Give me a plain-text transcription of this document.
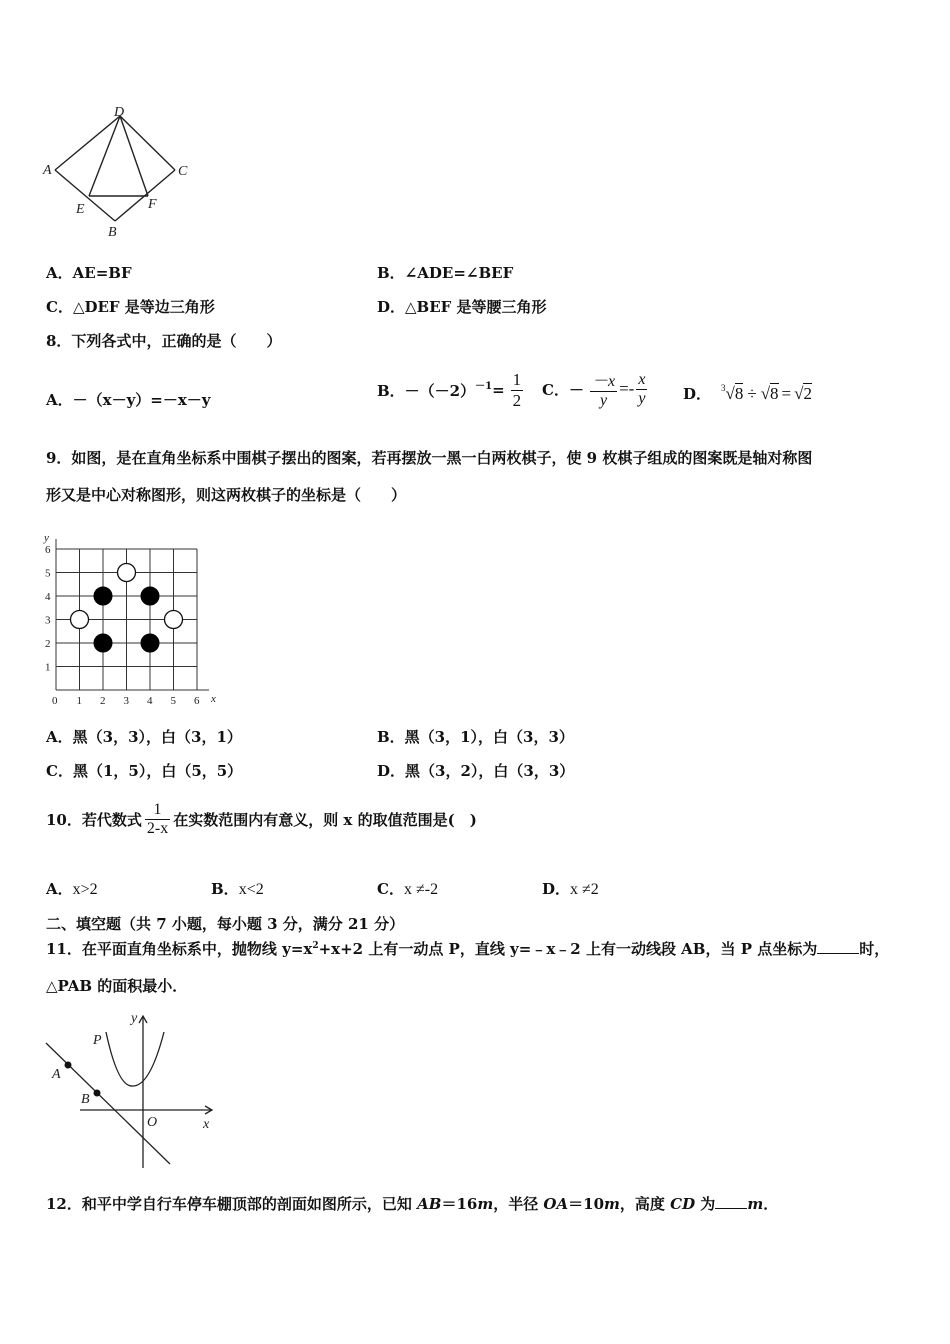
D
A	C
E	F
B
A．AE=BF	B．∠ADE=∠BEF
C．△DEF 是等边三角形	D．△BEF 是等腰三角形
8．下列各式中，正确的是（　　）
A．－（x－y）=－x－y
B．$-(-2)^{-1} = \frac{1}{2}$ C．－ $\frac{-x}{y} =- \frac{x}{y}$ D． $^3$ √ 8 ÷ √ 8 = √ 2
9．如图，是在直角坐标系中围棋子摆出的图案，若再摆放一黑一白两枚棋子，使 9 枚棋子组成的图案既是轴对称图
形又是中心对称图形，则这两枚棋子的坐标是（　　）
0 1 2 3 4 5 6
1
2
3
4
5
6
x
y
A．黑（3，3），白（3，1）	B．黑（3，1），白（3，3）
C．黑（1，5），白（5，5）	D．黑（3，2），白（3，3）
10．若代数式 $\frac{1}{2-x}$ 在实数范围内有意义，则 x 的取值范围是(　)
A．x>2	B．x<2	C．x ≠-2	D．x ≠2
二、填空题（共 7 小题，每小题 3 分，满分 21 分）
11．在平面直角坐标系中，抛物线 $y=x^2+x+2$ 上有一动点 P，直线 y=﹣x﹣2 上有一动线段 AB，当 P 点坐标为	时，
△PAB 的面积最小．
y
x
O
P
A
B
12．和平中学自行车停车棚顶部的剖面如图所示，已知 AB＝16m，半径 OA＝10m，高度 CD 为 m．
